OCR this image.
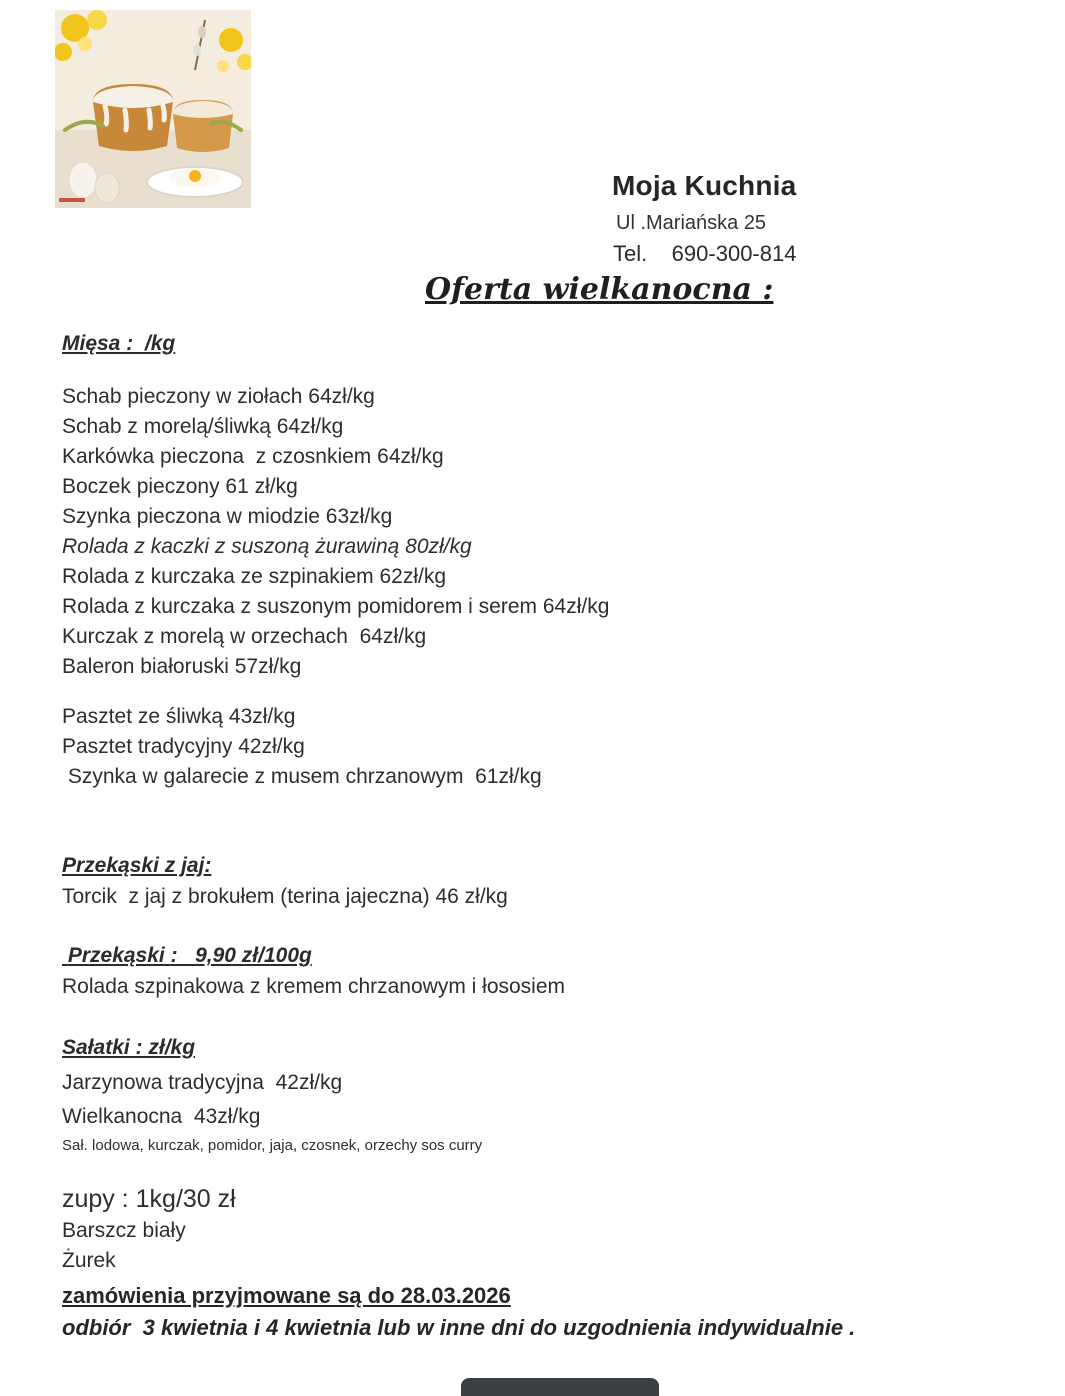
Moja Kuchnia
Ul .Mariańska 25
Tel.    690-300-814
Oferta wielkanocna :
Mięsa :  /kg
Schab pieczony w ziołach 64zł/kg
Schab z morelą/śliwką 64zł/kg
Karkówka pieczona  z czosnkiem 64zł/kg
Boczek pieczony 61 zł/kg
Szynka pieczona w miodzie 63zł/kg
Rolada z kaczki z suszoną żurawiną 80zł/kg
Rolada z kurczaka ze szpinakiem 62zł/kg
Rolada z kurczaka z suszonym pomidorem i serem 64zł/kg
Kurczak z morelą w orzechach  64zł/kg
Baleron białoruski 57zł/kg
Pasztet ze śliwką 43zł/kg
Pasztet tradycyjny 42zł/kg
Szynka w galarecie z musem chrzanowym  61zł/kg
Przekąski z jaj:
Torcik  z jaj z brokułem (terina jajeczna) 46 zł/kg
Przekąski :   9,90 zł/100g
Rolada szpinakowa z kremem chrzanowym i łososiem
Sałatki : zł/kg
Jarzynowa tradycyjna  42zł/kg
Wielkanocna  43zł/kg
Sał. lodowa, kurczak, pomidor, jaja, czosnek, orzechy sos curry
zupy : 1kg/30 zł
Barszcz biały
Żurek
zamówienia przyjmowane są do 28.03.2026
odbiór  3 kwietnia i 4 kwietnia lub w inne dni do uzgodnienia indywidualnie .
